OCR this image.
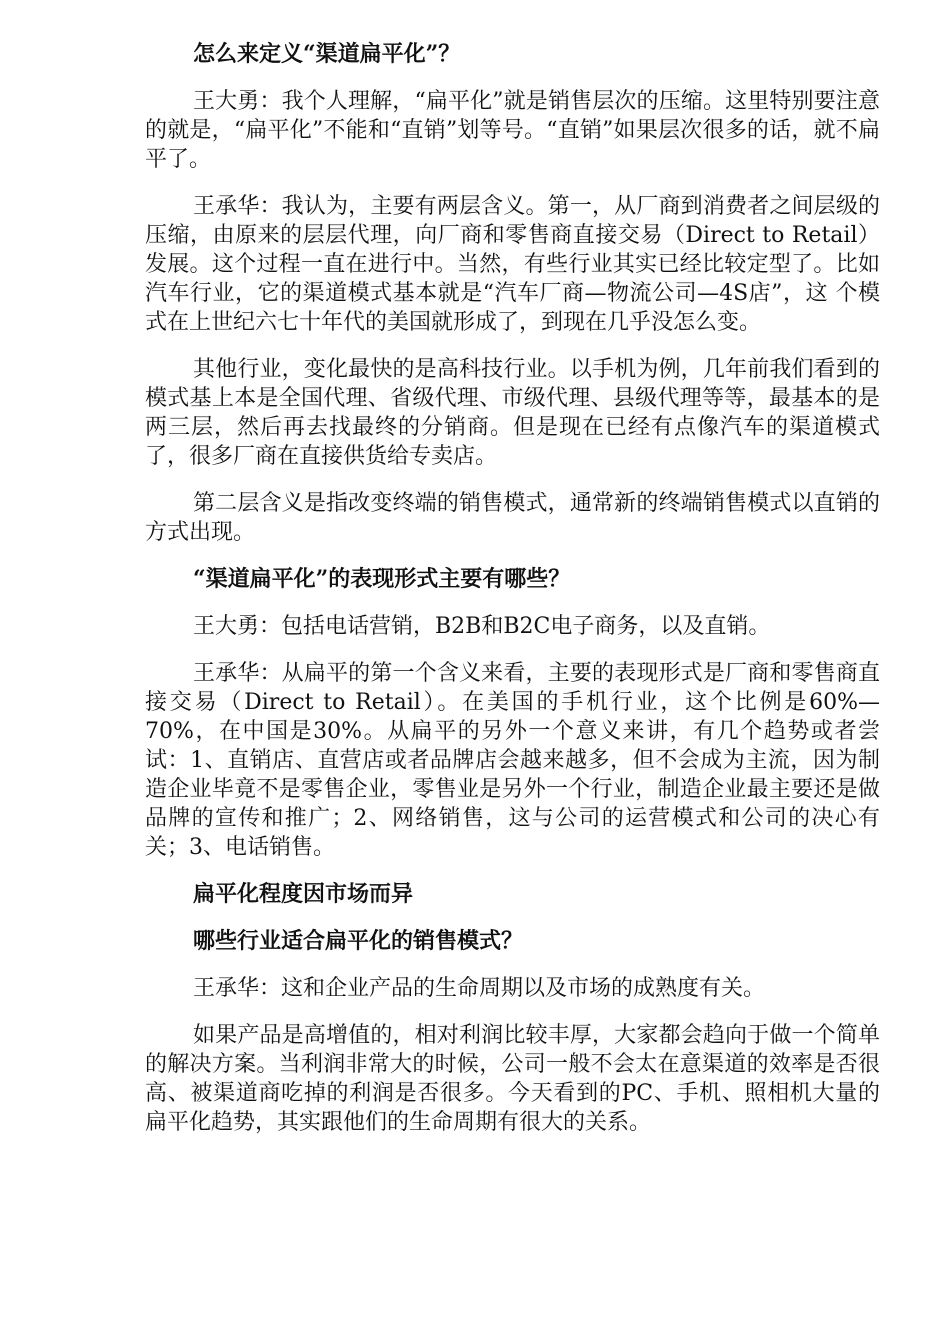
怎么来定义“渠道扁平化”？

王大勇：我个人理解，“扁平化”就是销售层次的压缩。这里特别要注意的就是，“扁平化”不能和“直销”划等号。“直销”如果层次很多的话，就不扁平了。

王承华：我认为，主要有两层含义。第一，从厂商到消费者之间层级的压缩，由原来的层层代理，向厂商和零售商直接交易（Direct to Retail）发展。这个过程一直在进行中。当然，有些行业其实已经比较定型了。比如汽车行业，它的渠道模式基本就是“汽车厂商—物流公司—4S店”，这 个模式在上世纪六七十年代的美国就形成了，到现在几乎没怎么变。

其他行业，变化最快的是高科技行业。以手机为例，几年前我们看到的模式基上本是全国代理、省级代理、市级代理、县级代理等等，最基本的是两三层，然后再去找最终的分销商。但是现在已经有点像汽车的渠道模式了，很多厂商在直接供货给专卖店。

第二层含义是指改变终端的销售模式，通常新的终端销售模式以直销的方式出现。

“渠道扁平化”的表现形式主要有哪些？

王大勇：包括电话营销，B2B和B2C电子商务，以及直销。

王承华：从扁平的第一个含义来看，主要的表现形式是厂商和零售商直接交易（Direct to Retail）。在美国的手机行业，这个比例是60%—70%，在中国是30%。从扁平的另外一个意义来讲，有几个趋势或者尝试：1、直销店、直营店或者品牌店会越来越多，但不会成为主流，因为制造企业毕竟不是零售企业，零售业是另外一个行业，制造企业最主要还是做品牌的宣传和推广；2、网络销售，这与公司的运营模式和公司的决心有关；3、电话销售。

扁平化程度因市场而异

哪些行业适合扁平化的销售模式？

王承华：这和企业产品的生命周期以及市场的成熟度有关。

如果产品是高增值的，相对利润比较丰厚，大家都会趋向于做一个简单的解决方案。当利润非常大的时候，公司一般不会太在意渠道的效率是否很高、被渠道商吃掉的利润是否很多。今天看到的PC、手机、照相机大量的扁平化趋势，其实跟他们的生命周期有很大的关系。
